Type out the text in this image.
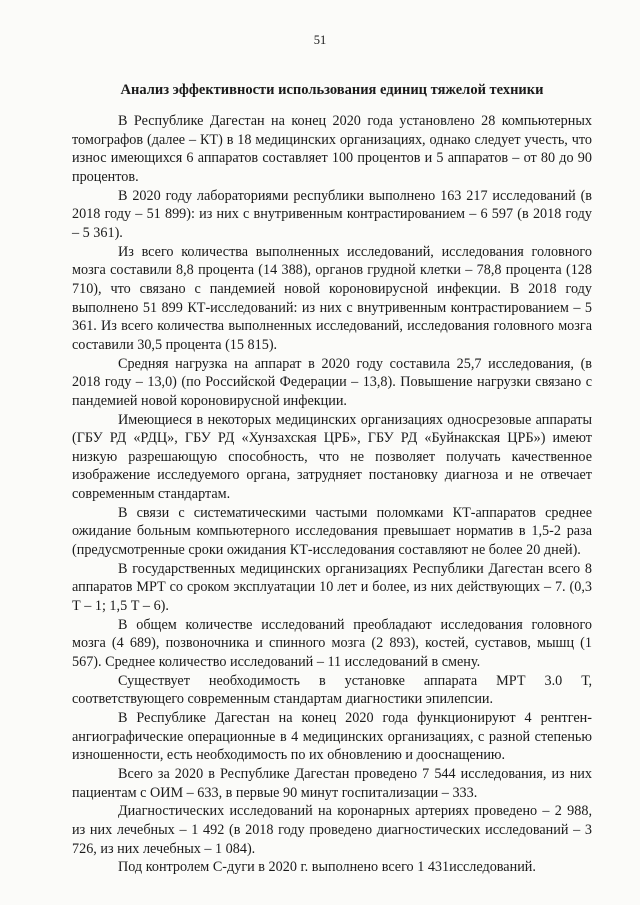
51
Анализ эффективности использования единиц тяжелой техники

В Республике Дагестан на конец 2020 года установлено 28 компьютерных томографов (далее – КТ) в 18 медицинских организациях, однако следует учесть, что износ имеющихся 6 аппаратов составляет 100 процентов и 5 аппаратов – от 80 до 90 процентов.

В 2020 году лабораториями республики выполнено 163 217 исследований (в 2018 году – 51 899): из них с внутривенным контрастированием – 6 597 (в 2018 году – 5 361).

Из всего количества выполненных исследований, исследования головного мозга составили 8,8 процента (14 388), органов грудной клетки – 78,8 процента (128 710), что связано с пандемией новой короновирусной инфекции. В 2018 году выполнено 51 899 КТ-исследований: из них с внутривенным контрастированием – 5 361. Из всего количества выполненных исследований, исследования головного мозга составили 30,5 процента (15 815).

Средняя нагрузка на аппарат в 2020 году составила 25,7 исследования, (в 2018 году – 13,0) (по Российской Федерации – 13,8). Повышение нагрузки связано с пандемией новой короновирусной инфекции.

Имеющиеся в некоторых медицинских организациях односрезовые аппараты (ГБУ РД «РДЦ», ГБУ РД «Хунзахская ЦРБ», ГБУ РД «Буйнакская ЦРБ») имеют низкую разрешающую способность, что не позволяет получать качественное изображение исследуемого органа, затрудняет постановку диагноза и не отвечает современным стандартам.

В связи с систематическими частыми поломками КТ-аппаратов среднее ожидание больным компьютерного исследования превышает норматив в 1,5-2 раза (предусмотренные сроки ожидания КТ-исследования составляют не более 20 дней).

В государственных медицинских организациях Республики Дагестан всего 8 аппаратов МРТ со сроком эксплуатации 10 лет и более, из них действующих – 7. (0,3 Т – 1; 1,5 Т – 6).

В общем количестве исследований преобладают исследования головного мозга (4 689), позвоночника и спинного мозга (2 893), костей, суставов, мышц (1 567). Среднее количество исследований – 11 исследований в смену.

Существует необходимость в установке аппарата МРТ 3.0 Т, соответствующего современным стандартам диагностики эпилепсии.

В Республике Дагестан на конец 2020 года функционируют 4 рентген-ангиографические операционные в 4 медицинских организациях, с разной степенью изношенности, есть необходимость по их обновлению и дооснащению.

Всего за 2020 в Республике Дагестан проведено 7 544 исследования, из них пациентам с ОИМ – 633, в первые 90 минут госпитализации – 333.

Диагностических исследований на коронарных артериях проведено – 2 988, из них лечебных – 1 492 (в 2018 году проведено диагностических исследований – 3 726, из них лечебных – 1 084).

Под контролем С-дуги в 2020 г. выполнено всего 1 431исследований.
